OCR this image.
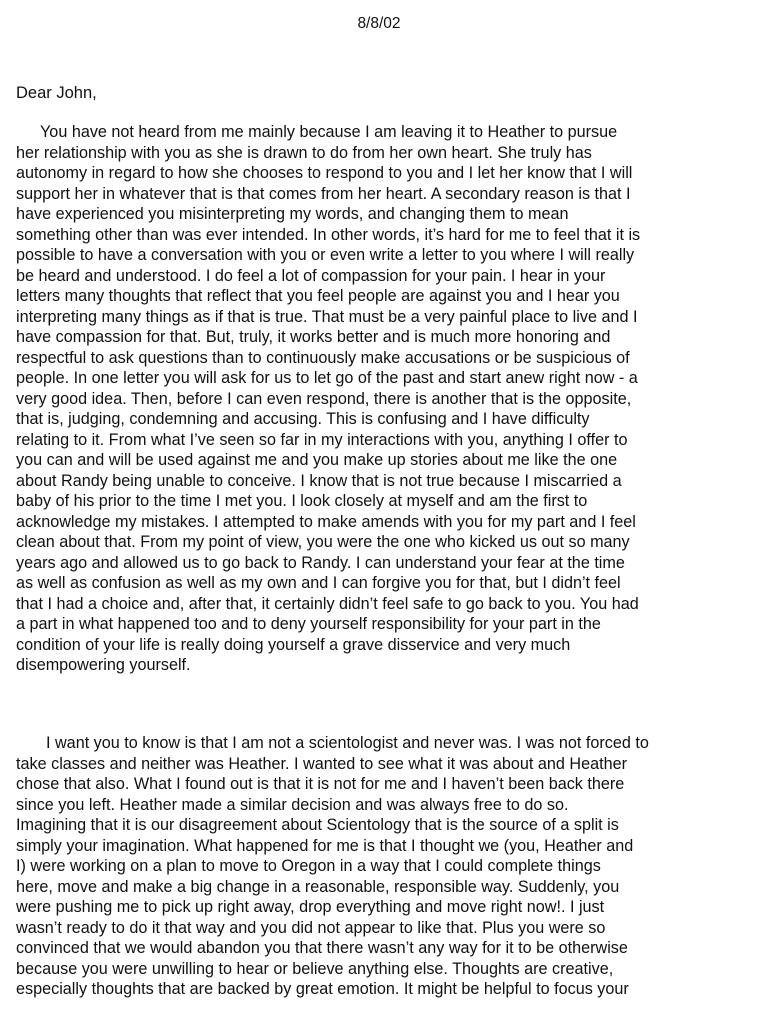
8/8/02
Dear John,
You have not heard from me mainly because I am leaving it to Heather to pursue
her relationship with you as she is drawn to do from her own heart. She truly has
autonomy in regard to how she chooses to respond to you and I let her know that I will
support her in whatever that is that comes from her heart. A secondary reason is that I
have experienced you misinterpreting my words, and changing them to mean
something other than was ever intended. In other words, it’s hard for me to feel that it is
possible to have a conversation with you or even write a letter to you where I will really
be heard and understood. I do feel a lot of compassion for your pain. I hear in your
letters many thoughts that reflect that you feel people are against you and I hear you
interpreting many things as if that is true. That must be a very painful place to live and I
have compassion for that. But, truly, it works better and is much more honoring and
respectful to ask questions than to continuously make accusations or be suspicious of
people. In one letter you will ask for us to let go of the past and start anew right now - a
very good idea. Then, before I can even respond, there is another that is the opposite,
that is, judging, condemning and accusing. This is confusing and I have difficulty
relating to it. From what I’ve seen so far in my interactions with you, anything I offer to
you can and will be used against me and you make up stories about me like the one
about Randy being unable to conceive. I know that is not true because I miscarried a
baby of his prior to the time I met you. I look closely at myself and am the first to
acknowledge my mistakes. I attempted to make amends with you for my part and I feel
clean about that. From my point of view, you were the one who kicked us out so many
years ago and allowed us to go back to Randy. I can understand your fear at the time
as well as confusion as well as my own and I can forgive you for that, but I didn’t feel
that I had a choice and, after that, it certainly didn’t feel safe to go back to you. You had
a part in what happened too and to deny yourself responsibility for your part in the
condition of your life is really doing yourself a grave disservice and very much
disempowering yourself.
I want you to know is that I am not a scientologist and never was. I was not forced to
take classes and neither was Heather. I wanted to see what it was about and Heather
chose that also. What I found out is that it is not for me and I haven’t been back there
since you left. Heather made a similar decision and was always free to do so.
Imagining that it is our disagreement about Scientology that is the source of a split is
simply your imagination. What happened for me is that I thought we (you, Heather and
I) were working on a plan to move to Oregon in a way that I could complete things
here, move and make a big change in a reasonable, responsible way. Suddenly, you
were pushing me to pick up right away, drop everything and move right now!. I just
wasn’t ready to do it that way and you did not appear to like that. Plus you were so
convinced that we would abandon you that there wasn’t any way for it to be otherwise
because you were unwilling to hear or believe anything else. Thoughts are creative,
especially thoughts that are backed by great emotion. It might be helpful to focus your
